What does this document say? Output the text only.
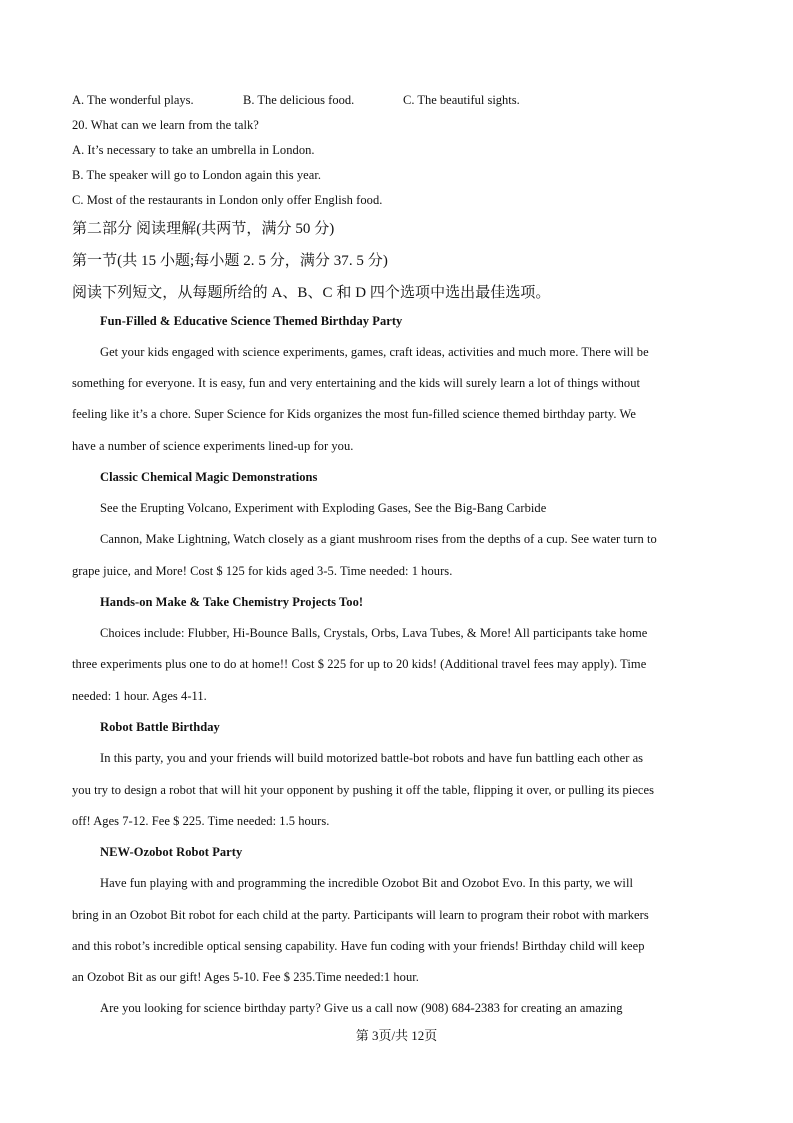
A. The wonderful plays.	B. The delicious food.	C. The beautiful sights.
20. What can we learn from the talk?
A. It’s necessary to take an umbrella in London.
B. The speaker will go to London again this year.
C. Most of the restaurants in London only offer English food.
第二部分 阅读理解(共两节，满分 50 分)
第一节(共 15 小题;每小题 2. 5 分，满分 37. 5 分)
阅读下列短文，从每题所给的 A、B、C 和 D 四个选项中选出最佳选项。
Fun-Filled & Educative Science Themed Birthday Party
Get your kids engaged with science experiments, games, craft ideas, activities and much more. There will be
something for everyone. It is easy, fun and very entertaining and the kids will surely learn a lot of things without
feeling like it’s a chore. Super Science for Kids organizes the most fun-filled science themed birthday party. We
have a number of science experiments lined-up for you.
Classic Chemical Magic Demonstrations
See the Erupting Volcano, Experiment with Exploding Gases, See the Big-Bang Carbide
Cannon, Make Lightning, Watch closely as a giant mushroom rises from the depths of a cup. See water turn to
grape juice, and More! Cost $ 125 for kids aged 3-5. Time needed: 1 hours.
Hands-on Make & Take Chemistry Projects Too!
Choices include: Flubber, Hi-Bounce Balls, Crystals, Orbs, Lava Tubes, & More! All participants take home
three experiments plus one to do at home!! Cost $ 225 for up to 20 kids! (Additional travel fees may apply). Time
needed: 1 hour. Ages 4-11.
Robot Battle Birthday
In this party, you and your friends will build motorized battle-bot robots and have fun battling each other as
you try to design a robot that will hit your opponent by pushing it off the table, flipping it over, or pulling its pieces
off! Ages 7-12. Fee $ 225. Time needed: 1.5 hours.
NEW-Ozobot Robot Party
Have fun playing with and programming the incredible Ozobot Bit and Ozobot Evo. In this party, we will
bring in an Ozobot Bit robot for each child at the party. Participants will learn to program their robot with markers
and this robot’s incredible optical sensing capability. Have fun coding with your friends! Birthday child will keep
an Ozobot Bit as our gift! Ages 5-10. Fee $ 235.Time needed:1 hour.
Are you looking for science birthday party? Give us a call now (908) 684-2383 for creating an amazing
第 3页/共 12页
